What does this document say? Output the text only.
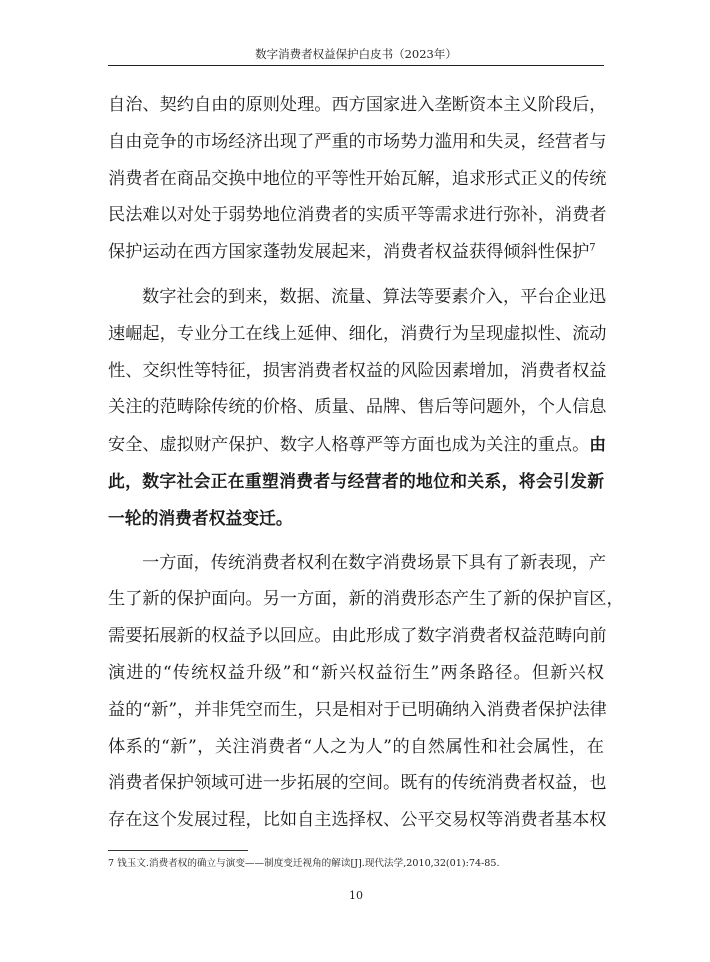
数字消费者权益保护白皮书（2023年）
自治、契约自由的原则处理。西方国家进入垄断资本主义阶段后，
自由竞争的市场经济出现了严重的市场势力滥用和失灵，经营者与
消费者在商品交换中地位的平等性开始瓦解，追求形式正义的传统
民法难以对处于弱势地位消费者的实质平等需求进行弥补，消费者
保护运动在西方国家蓬勃发展起来，消费者权益获得倾斜性保护$^7$
数字社会的到来，数据、流量、算法等要素介入，平台企业迅
速崛起，专业分工在线上延伸、细化，消费行为呈现虚拟性、流动
性、交织性等特征，损害消费者权益的风险因素增加，消费者权益
关注的范畴除传统的价格、质量、品牌、售后等问题外，个人信息
安全、虚拟财产保护、数字人格尊严等方面也成为关注的重点。由
此，数字社会正在重塑消费者与经营者的地位和关系，将会引发新
一轮的消费者权益变迁。
一方面，传统消费者权利在数字消费场景下具有了新表现，产
生了新的保护面向。另一方面，新的消费形态产生了新的保护盲区，
需要拓展新的权益予以回应。由此形成了数字消费者权益范畴向前
演进的“传统权益升级”和“新兴权益衍生”两条路径。但新兴权
益的“新”，并非凭空而生，只是相对于已明确纳入消费者保护法律
体系的“新”，关注消费者“人之为人”的自然属性和社会属性，在
消费者保护领域可进一步拓展的空间。既有的传统消费者权益，也
存在这个发展过程，比如自主选择权、公平交易权等消费者基本权
7 钱玉文.消费者权的确立与演变——制度变迁视角的解读[J].现代法学,2010,32(01):74-85.
10
